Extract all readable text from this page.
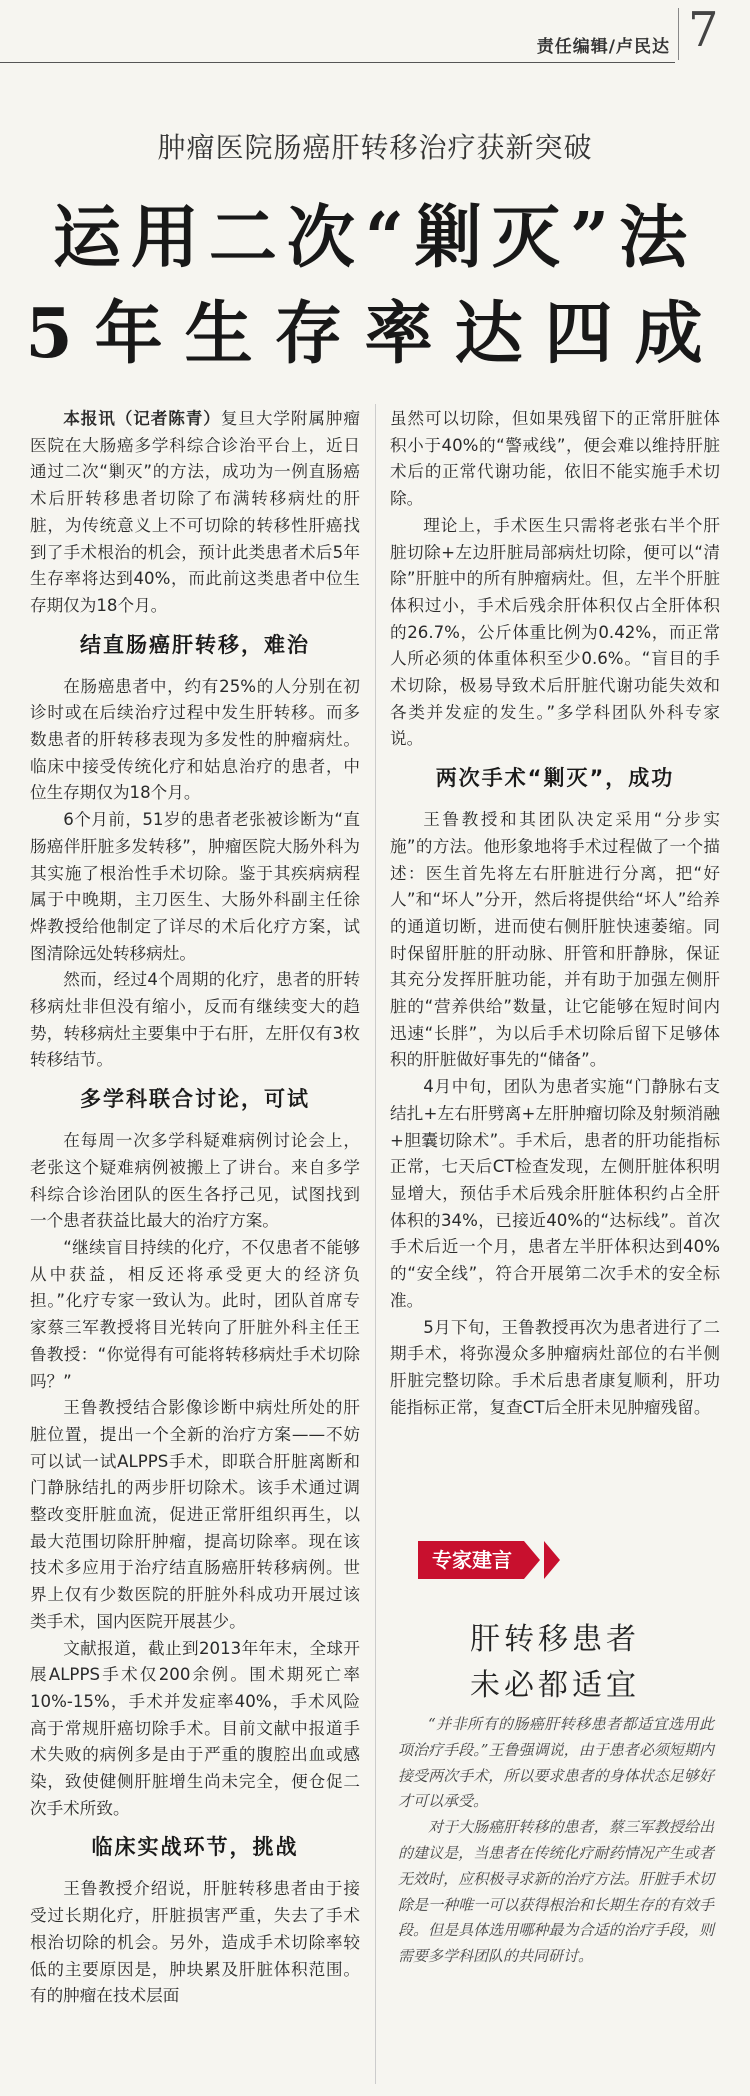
责任编辑/卢民达 7
肿瘤医院肠癌肝转移治疗获新突破
运用二次“剿灭”法
5年生存率达四成

本报讯（记者陈青）复旦大学附属肿瘤医院在大肠癌多学科综合诊治平台上，近日通过二次“剿灭”的方法，成功为一例直肠癌术后肝转移患者切除了布满转移病灶的肝脏，为传统意义上不可切除的转移性肝癌找到了手术根治的机会，预计此类患者术后5年生存率将达到40%，而此前这类患者中位生存期仅为18个月。

结直肠癌肝转移，难治

在肠癌患者中，约有25%的人分别在初诊时或在后续治疗过程中发生肝转移。而多数患者的肝转移表现为多发性的肿瘤病灶。临床中接受传统化疗和姑息治疗的患者，中位生存期仅为18个月。

6个月前，51岁的患者老张被诊断为“直肠癌伴肝脏多发转移”，肿瘤医院大肠外科为其实施了根治性手术切除。鉴于其疾病病程属于中晚期，主刀医生、大肠外科副主任徐烨教授给他制定了详尽的术后化疗方案，试图清除远处转移病灶。

然而，经过4个周期的化疗，患者的肝转移病灶非但没有缩小，反而有继续变大的趋势，转移病灶主要集中于右肝，左肝仅有3枚转移结节。

多学科联合讨论，可试

在每周一次多学科疑难病例讨论会上，老张这个疑难病例被搬上了讲台。来自多学科综合诊治团队的医生各抒己见，试图找到一个患者获益比最大的治疗方案。

“继续盲目持续的化疗，不仅患者不能够从中获益，相反还将承受更大的经济负担。”化疗专家一致认为。此时，团队首席专家蔡三军教授将目光转向了肝脏外科主任王鲁教授：“你觉得有可能将转移病灶手术切除吗？”

王鲁教授结合影像诊断中病灶所处的肝脏位置，提出一个全新的治疗方案——不妨可以试一试ALPPS手术，即联合肝脏离断和门静脉结扎的两步肝切除术。该手术通过调整改变肝脏血流，促进正常肝组织再生，以最大范围切除肝肿瘤，提高切除率。现在该技术多应用于治疗结直肠癌肝转移病例。世界上仅有少数医院的肝脏外科成功开展过该类手术，国内医院开展甚少。

文献报道，截止到2013年年末，全球开展ALPPS手术仅200余例。围术期死亡率10%-15%，手术并发症率40%，手术风险高于常规肝癌切除手术。目前文献中报道手术失败的病例多是由于严重的腹腔出血或感染，致使健侧肝脏增生尚未完全，便仓促二次手术所致。

临床实战环节，挑战

王鲁教授介绍说，肝脏转移患者由于接受过长期化疗，肝脏损害严重，失去了手术根治切除的机会。另外，造成手术切除率较低的主要原因是，肿块累及肝脏体积范围。有的肿瘤在技术层面

虽然可以切除，但如果残留下的正常肝脏体积小于40%的“警戒线”，便会难以维持肝脏术后的正常代谢功能，依旧不能实施手术切除。

理论上，手术医生只需将老张右半个肝脏切除+左边肝脏局部病灶切除，便可以“清除”肝脏中的所有肿瘤病灶。但，左半个肝脏体积过小，手术后残余肝体积仅占全肝体积的26.7%，公斤体重比例为0.42%，而正常人所必须的体重体积至少0.6%。“盲目的手术切除，极易导致术后肝脏代谢功能失效和各类并发症的发生。”多学科团队外科专家说。

两次手术“剿灭”，成功

王鲁教授和其团队决定采用“分步实施”的方法。他形象地将手术过程做了一个描述：医生首先将左右肝脏进行分离，把“好人”和“坏人”分开，然后将提供给“坏人”给养的通道切断，进而使右侧肝脏快速萎缩。同时保留肝脏的肝动脉、肝管和肝静脉，保证其充分发挥肝脏功能，并有助于加强左侧肝脏的“营养供给”数量，让它能够在短时间内迅速“长胖”，为以后手术切除后留下足够体积的肝脏做好事先的“储备”。

4月中旬，团队为患者实施“门静脉右支结扎+左右肝劈离+左肝肿瘤切除及射频消融+胆囊切除术”。手术后，患者的肝功能指标正常，七天后CT检查发现，左侧肝脏体积明显增大，预估手术后残余肝脏体积约占全肝体积的34%，已接近40%的“达标线”。首次手术后近一个月，患者左半肝体积达到40%的“安全线”，符合开展第二次手术的安全标准。

5月下旬，王鲁教授再次为患者进行了二期手术，将弥漫众多肿瘤病灶部位的右半侧肝脏完整切除。手术后患者康复顺利，肝功能指标正常，复查CT后全肝未见肿瘤残留。

专家建言
肝转移患者
未必都适宜

“并非所有的肠癌肝转移患者都适宜选用此项治疗手段。”王鲁强调说，由于患者必须短期内接受两次手术，所以要求患者的身体状态足够好才可以承受。

对于大肠癌肝转移的患者，蔡三军教授给出的建议是，当患者在传统化疗耐药情况产生或者无效时，应积极寻求新的治疗方法。肝脏手术切除是一种唯一可以获得根治和长期生存的有效手段。但是具体选用哪种最为合适的治疗手段，则需要多学科团队的共同研讨。
